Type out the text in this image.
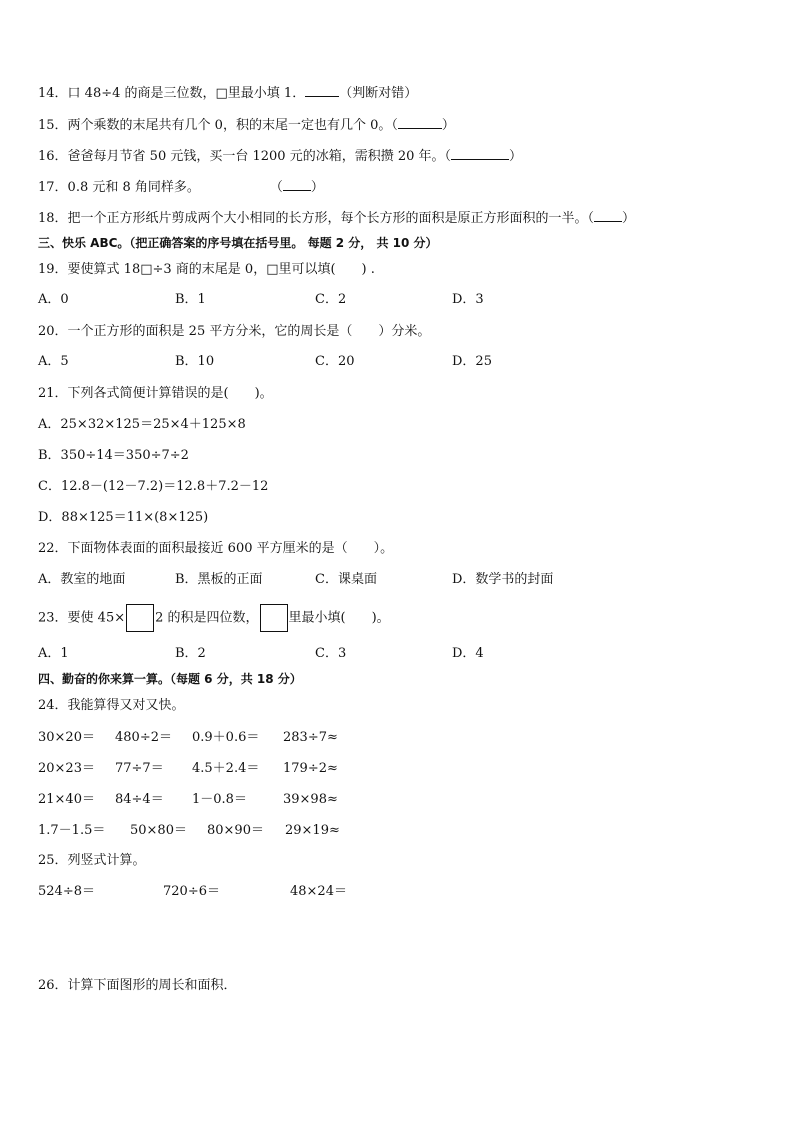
14．口 48÷4 的商是三位数，□里最小填 1．	（判断对错）
15．两个乘数的末尾共有几个 0，积的末尾一定也有几个 0。（	）
16．爸爸每月节省 50 元钱，买一台 1200 元的冰箱，需积攒 20 年。（	）
17．0.8 元和 8 角同样多。	（ ）
18．把一个正方形纸片剪成两个大小相同的长方形，每个长方形的面积是原正方形面积的一半。（ ）
三、快乐 ABC。（把正确答案的序号填在括号里。 每题 2 分， 共 10 分）
19．要使算式 18□÷3 商的末尾是 0，□里可以填(　　) .
A．0	B．1	C．2	D．3
20．一个正方形的面积是 25 平方分米，它的周长是（　　）分米。
A．5	B．10	C．20	D．25
21．下列各式简便计算错误的是(　　)。
A．25×32×125＝25×4＋125×8
B．350÷14＝350÷7÷2
C．12.8－(12－7.2)＝12.8＋7.2－12
D．88×125＝11×(8×125)
22．下面物体表面的面积最接近 600 平方厘米的是（　　）。
A．教室的地面	B．黑板的正面	C．课桌面	D．数学书的封面
23．要使 45× 2 的积是四位数， 里最小填(　　)。
A．1	B．2	C．3	D．4
四、勤奋的你来算一算。（每题 6 分，共 18 分）
24．我能算得又对又快。
30×20＝ 480÷2＝ 0.9＋0.6＝ 283÷7≈
20×23＝ 77÷7＝ 4.5＋2.4＝ 179÷2≈
21×40＝ 84÷4＝ 1－0.8＝	39×98≈
1.7－1.5＝ 50×80＝ 80×90＝ 29×19≈
25．列竖式计算。
524÷8＝	720÷6＝	48×24＝
26．计算下面图形的周长和面积．
